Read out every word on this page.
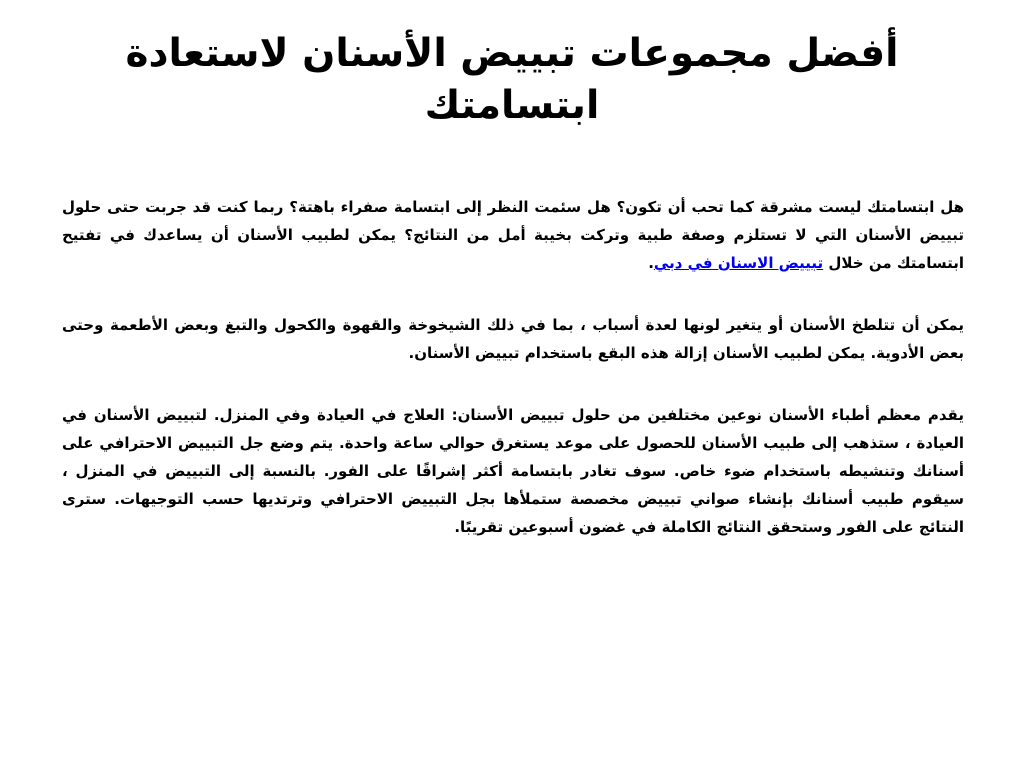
أفضل مجموعات تبييض الأسنان لاستعادة ابتسامتك

هل ابتسامتك ليست مشرقة كما تحب أن تكون؟ هل سئمت النظر إلى ابتسامة صفراء باهتة؟ ربما كنت قد جربت حتى حلول تبييض الأسنان التي لا تستلزم وصفة طبية وتركت بخيبة أمل من النتائج؟ يمكن لطبيب الأسنان أن يساعدك في تفتيح ابتسامتك من خلال تبييض الاسنان في دبي.

يمكن أن تتلطخ الأسنان أو يتغير لونها لعدة أسباب ، بما في ذلك الشيخوخة والقهوة والكحول والتبغ وبعض الأطعمة وحتى بعض الأدوية. يمكن لطبيب الأسنان إزالة هذه البقع باستخدام تبييض الأسنان.

يقدم معظم أطباء الأسنان نوعين مختلفين من حلول تبييض الأسنان: العلاج في العيادة وفي المنزل. لتبييض الأسنان في العيادة ، ستذهب إلى طبيب الأسنان للحصول على موعد يستغرق حوالي ساعة واحدة. يتم وضع جل التبييض الاحترافي على أسنانك وتنشيطه باستخدام ضوء خاص. سوف تغادر بابتسامة أكثر إشراقًا على الفور. بالنسبة إلى التبييض في المنزل ، سيقوم طبيب أسنانك بإنشاء صواني تبييض مخصصة ستملأها بجل التبييض الاحترافي وترتديها حسب التوجيهات. سترى النتائج على الفور وستحقق النتائج الكاملة في غضون أسبوعين تقريبًا.
